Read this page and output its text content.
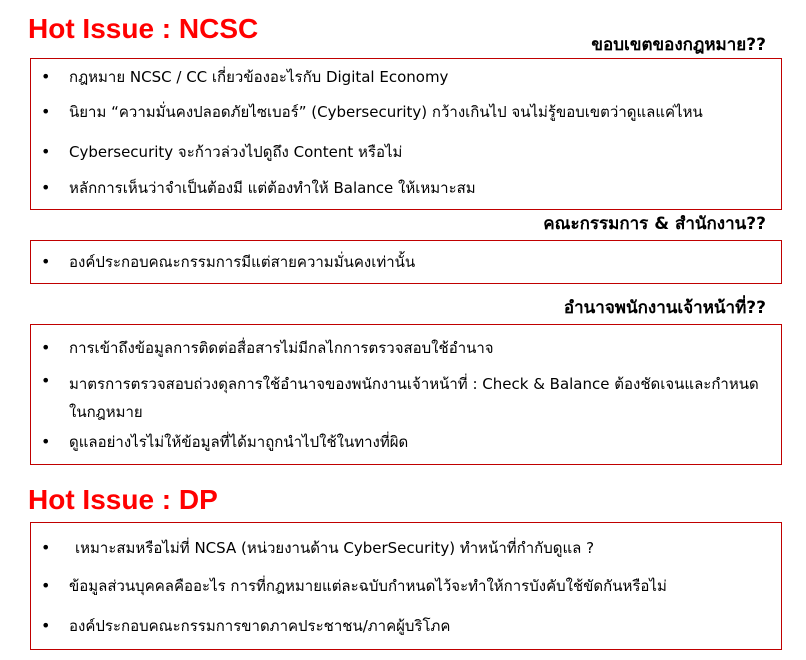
Hot Issue : NCSC
ขอบเขตของกฎหมาย??
•	กฎหมาย NCSC / CC เกี่ยวข้องอะไรกับ Digital Economy
•	นิยาม “ความมั่นคงปลอดภัยไซเบอร์” (Cybersecurity) กว้างเกินไป จนไม่รู้ขอบเขตว่าดูแลแค่ไหน
•	Cybersecurity จะก้าวล่วงไปดูถึง Content หรือไม่
•	หลักการเห็นว่าจำเป็นต้องมี แต่ต้องทำให้ Balance ให้เหมาะสม
คณะกรรมการ & สำนักงาน??
•	องค์ประกอบคณะกรรมการมีแต่สายความมั่นคงเท่านั้น
อำนาจพนักงานเจ้าหน้าที่??
•	การเข้าถึงข้อมูลการติดต่อสื่อสารไม่มีกลไกการตรวจสอบใช้อำนาจ
•	มาตรการตรวจสอบถ่วงดุลการใช้อำนาจของพนักงานเจ้าหน้าที่ : Check & Balance ต้องชัดเจนและกำหนดในกฎหมาย
•	ดูแลอย่างไรไม่ให้ข้อมูลที่ได้มาถูกนำไปใช้ในทางที่ผิด
Hot Issue : DP
•	เหมาะสมหรือไม่ที่ NCSA (หน่วยงานด้าน CyberSecurity) ทำหน้าที่กำกับดูแล ?
•	ข้อมูลส่วนบุคคลคืออะไร การที่กฎหมายแต่ละฉบับกำหนดไว้จะทำให้การบังคับใช้ขัดกันหรือไม่
•	องค์ประกอบคณะกรรมการขาดภาคประชาชน/ภาคผู้บริโภค
